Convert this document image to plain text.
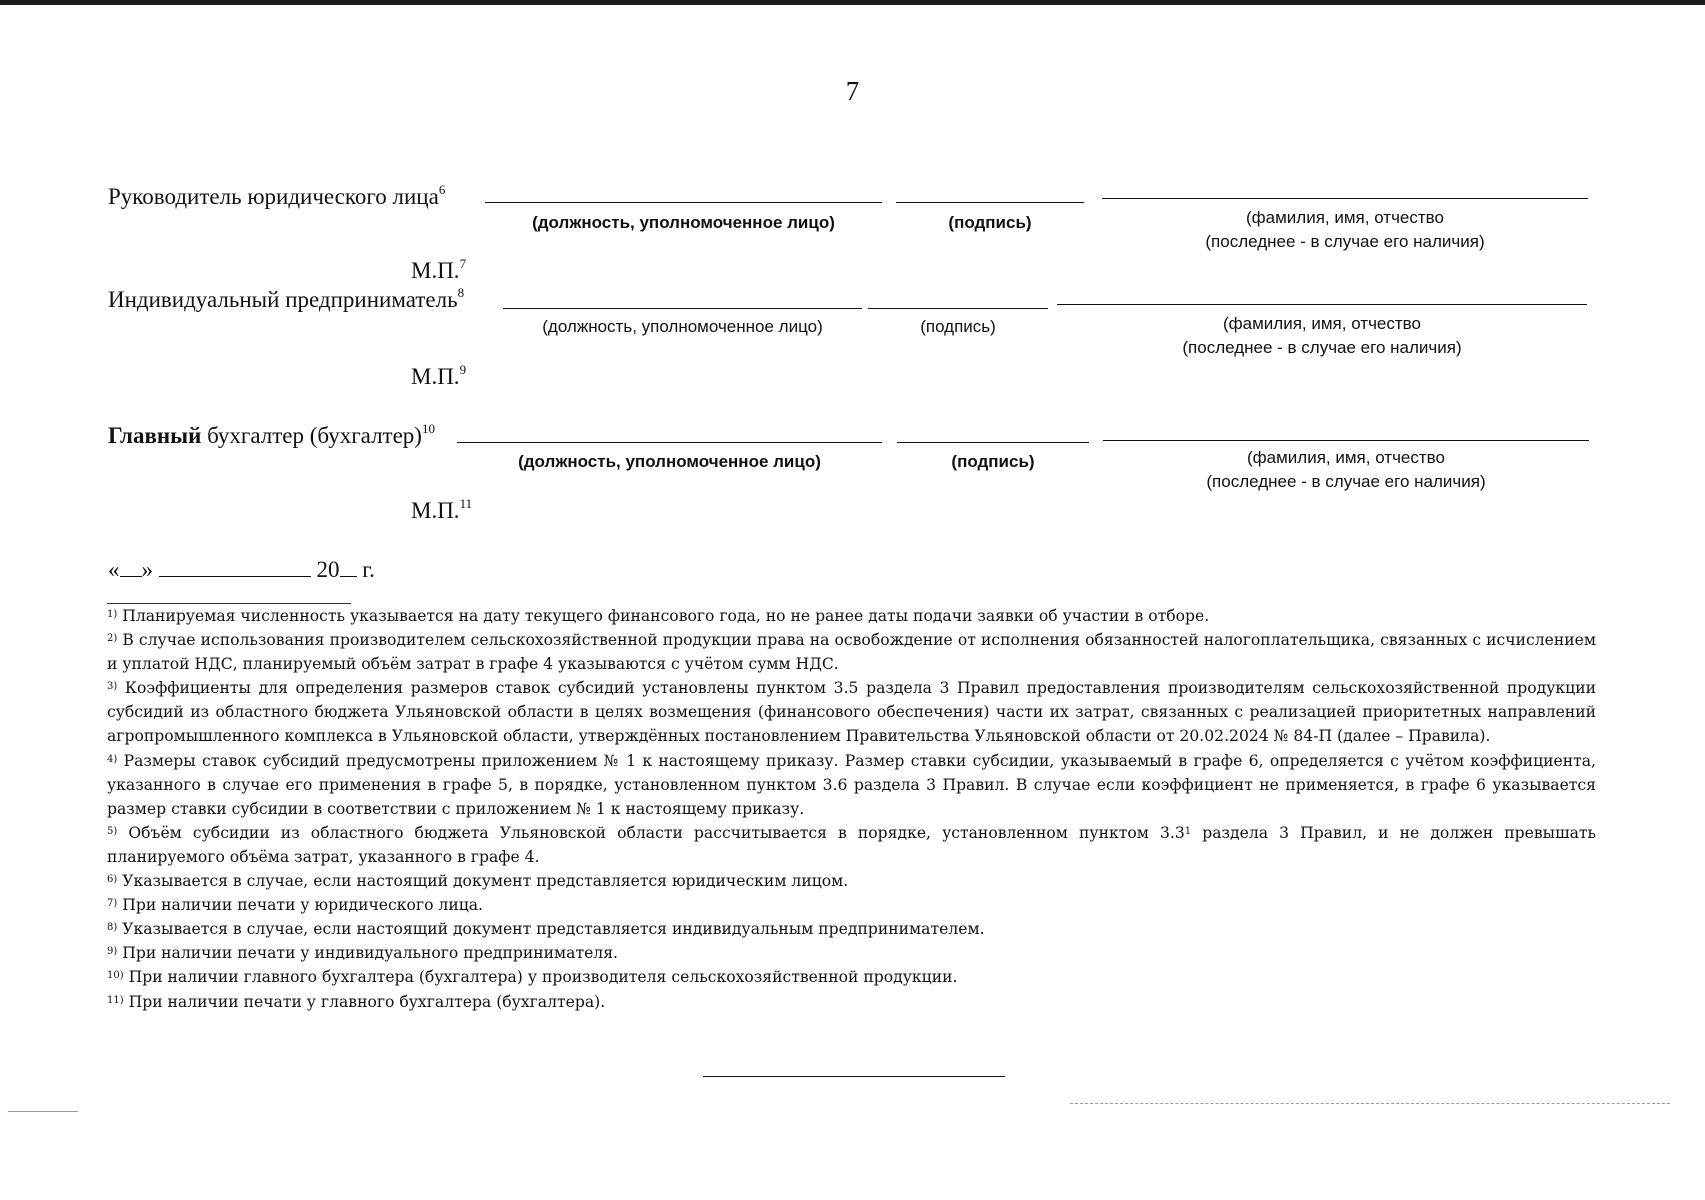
7
Руководитель юридического лица$^6$
(должность, уполномоченное лицо)	(подпись)	(фамилия, имя, отчество
(последнее - в случае его наличия)
М.П.$^7$
Индивидуальный предприниматель$^8$
(должность, уполномоченное лицо)	(подпись)	(фамилия, имя, отчество
(последнее - в случае его наличия)
М.П.$^9$
Главный бухгалтер (бухгалтер)$^{10}$
(должность, уполномоченное лицо)	(подпись)	(фамилия, имя, отчество
(последнее - в случае его наличия)
М.П.$^{11}$
« »	20 г.

$^{1)}$ Планируемая численность указывается на дату текущего финансового года, но не ранее даты подачи заявки об участии в отборе.

$^{2)}$ В случае использования производителем сельскохозяйственной продукции права на освобождение от исполнения обязанностей налогоплательщика, связанных с исчислением и уплатой НДС, планируемый объём затрат в графе 4 указываются с учётом сумм НДС.

$^{3)}$ Коэффициенты для определения размеров ставок субсидий установлены пунктом 3.5 раздела 3 Правил предоставления производителям сельскохозяйственной продукции субсидий из областного бюджета Ульяновской области в целях возмещения (финансового обеспечения) части их затрат, связанных с реализацией приоритетных направлений агропромышленного комплекса в Ульяновской области, утверждённых постановлением Правительства Ульяновской области от 20.02.2024 № 84-П (далее – Правила).

$^{4)}$ Размеры ставок субсидий предусмотрены приложением № 1 к настоящему приказу. Размер ставки субсидии, указываемый в графе 6, определяется с учётом коэффициента, указанного в случае его применения в графе 5, в порядке, установленном пунктом 3.6 раздела 3 Правил. В случае если коэффициент не применяется, в графе 6 указывается размер ставки субсидии в соответствии с приложением № 1 к настоящему приказу.

$^{5)}$ Объём субсидии из областного бюджета Ульяновской области рассчитывается в порядке, установленном пунктом $3.3^1$ раздела 3 Правил, и не должен превышать планируемого объёма затрат, указанного в графе 4.

$^{6)}$ Указывается в случае, если настоящий документ представляется юридическим лицом.

$^{7)}$ При наличии печати у юридического лица.

$^{8)}$ Указывается в случае, если настоящий документ представляется индивидуальным предпринимателем.

$^{9)}$ При наличии печати у индивидуального предпринимателя.

$^{10)}$ При наличии главного бухгалтера (бухгалтера) у производителя сельскохозяйственной продукции.

$^{11)}$ При наличии печати у главного бухгалтера (бухгалтера).
